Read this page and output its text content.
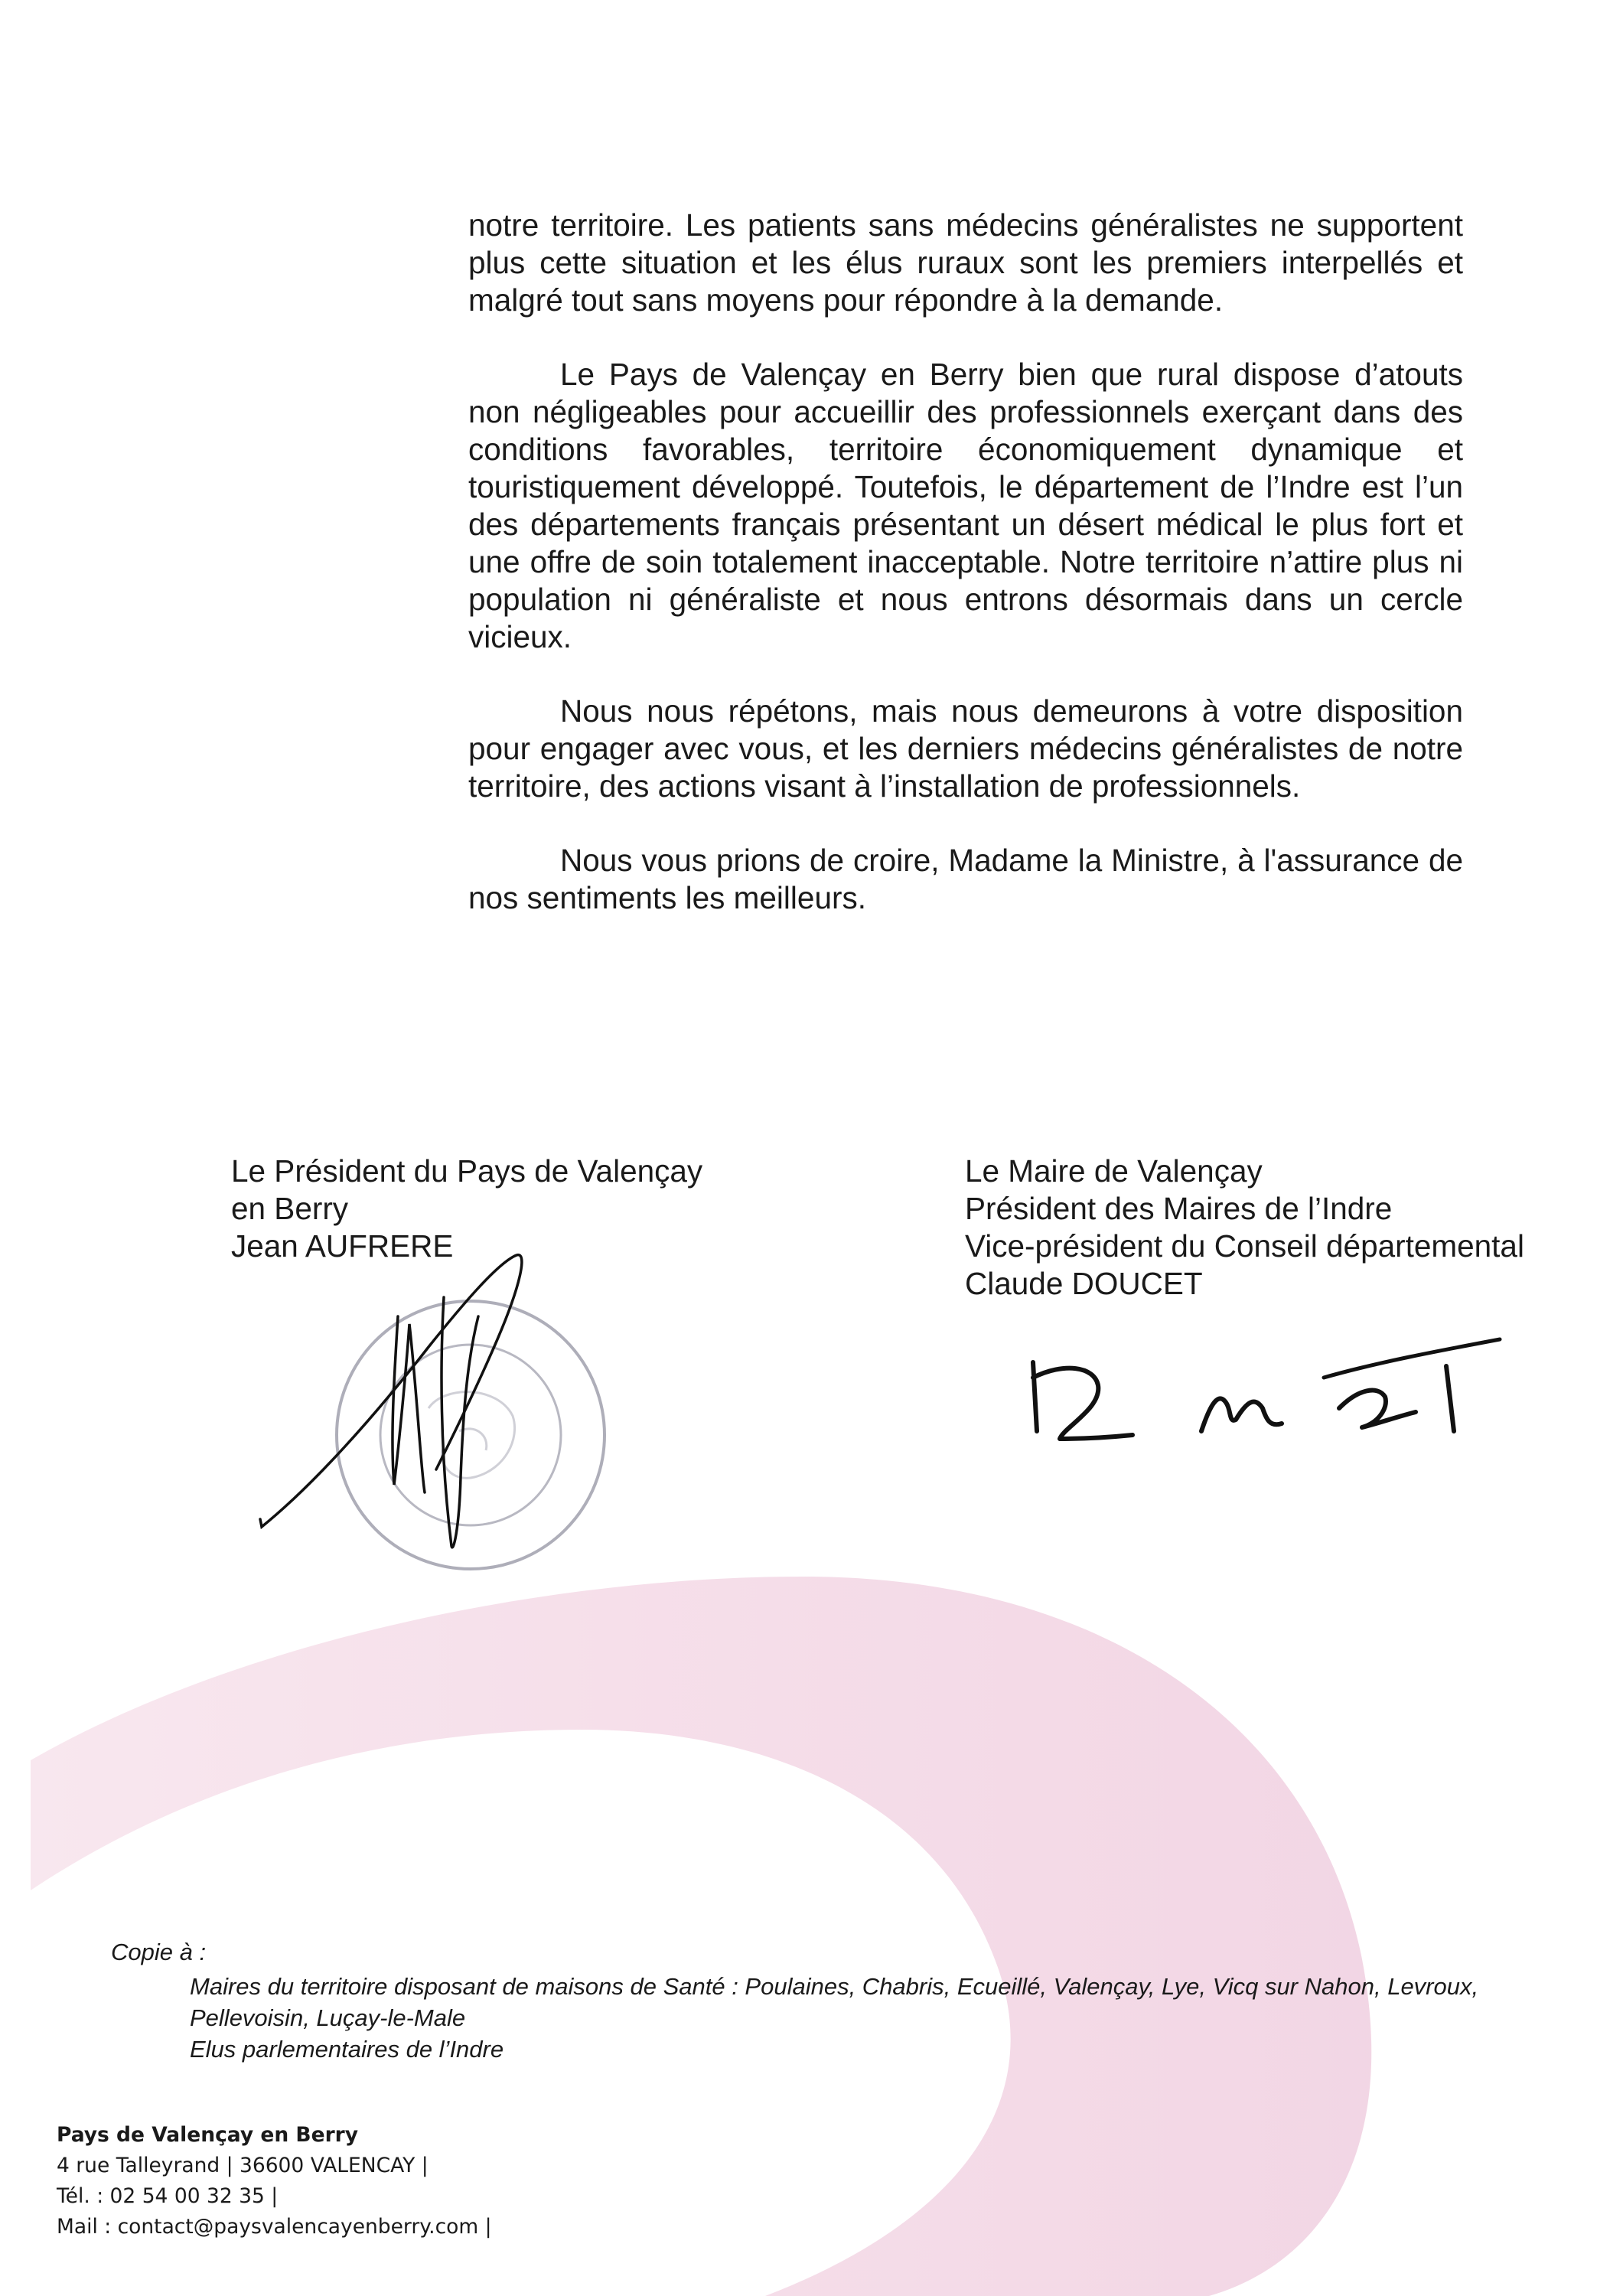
notre territoire. Les patients sans médecins généralistes ne supportent plus cette situation et les élus ruraux sont les premiers interpellés et malgré tout sans moyens pour répondre à la demande.

Le Pays de Valençay en Berry bien que rural dispose d’atouts non négligeables pour accueillir des professionnels exerçant dans des conditions favorables, territoire économiquement dynamique et touristiquement développé. Toutefois, le département de l’Indre est l’un des départements français présentant un désert médical le plus fort et une offre de soin totalement inacceptable. Notre territoire n’attire plus ni population ni généraliste et nous entrons désormais dans un cercle vicieux.

Nous nous répétons, mais nous demeurons à votre disposition pour engager avec vous, et les derniers médecins généralistes de notre territoire, des actions visant à l’installation de professionnels.

Nous vous prions de croire, Madame la Ministre, à l'assurance de nos sentiments les meilleurs.

Le Président du Pays de Valençay
en Berry
Jean AUFRERE
Le Maire de Valençay
Président des Maires de l’Indre
Vice-président du Conseil départemental
Claude DOUCET
Copie à :
Maires du territoire disposant de maisons de Santé : Poulaines, Chabris, Ecueillé, Valençay, Lye, Vicq sur Nahon, Levroux, Pellevoisin, Luçay-le-Male
Elus parlementaires de l’Indre
Pays de Valençay en Berry
4 rue Talleyrand | 36600 VALENCAY |
Tél. : 02 54 00 32 35 |
Mail : contact@paysvalencayenberry.com |
